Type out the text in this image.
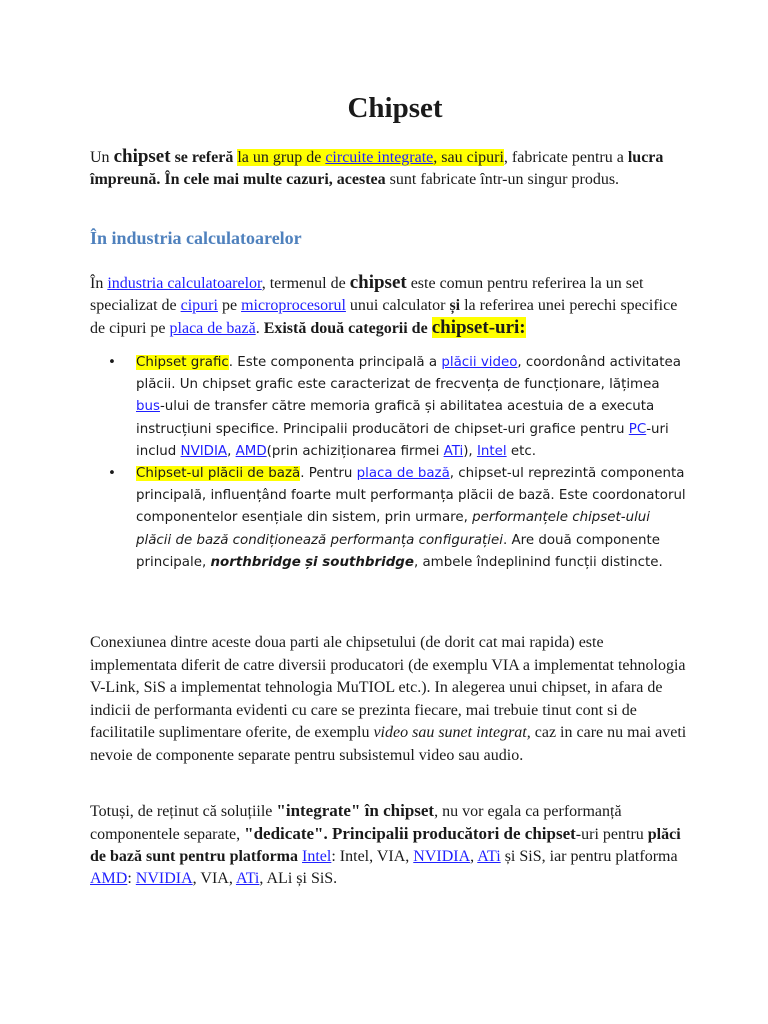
Chipset

Un chipset se referă la un grup de circuite integrate, sau cipuri, fabricate pentru a lucra împreună. În cele mai multe cazuri, acestea sunt fabricate într-un singur produs.

În industria calculatoarelor

În industria calculatoarelor, termenul de chipset este comun pentru referirea la un set specializat de cipuri pe microprocesorul unui calculator și la referirea unei perechi specifice de cipuri pe placa de bază. Există două categorii de chipset-uri:

• Chipset grafic. Este componenta principală a plăcii video, coordonând activitatea plăcii. Un chipset grafic este caracterizat de frecvența de funcționare, lățimea bus-ului de transfer către memoria grafică și abilitatea acestuia de a executa instrucțiuni specifice. Principalii producători de chipset-uri grafice pentru PC-uri includ NVIDIA, AMD(prin achiziționarea firmei ATi), Intel etc.
• Chipset-ul plăcii de bază. Pentru placa de bază, chipset-ul reprezintă componenta principală, influențând foarte mult performanța plăcii de bază. Este coordonatorul componentelor esențiale din sistem, prin urmare, performanțele chipset-ului plăcii de bază condiționează performanța configurației. Are două componente principale, northbridge și southbridge, ambele îndeplinind funcții distincte.

Conexiunea dintre aceste doua parti ale chipsetului (de dorit cat mai rapida) este implementata diferit de catre diversii producatori (de exemplu VIA a implementat tehnologia V-Link, SiS a implementat tehnologia MuTIOL etc.). In alegerea unui chipset, in afara de indicii de performanta evidenti cu care se prezinta fiecare, mai trebuie tinut cont si de facilitatile suplimentare oferite, de exemplu video sau sunet integrat, caz in care nu mai aveti nevoie de componente separate pentru subsistemul video sau audio.

Totuși, de reținut că soluțiile "integrate" în chipset, nu vor egala ca performanță componentele separate, "dedicate". Principalii producători de chipset-uri pentru plăci de bază sunt pentru platforma Intel: Intel, VIA, NVIDIA, ATi și SiS, iar pentru platforma AMD: NVIDIA, VIA, ATi, ALi și SiS.
